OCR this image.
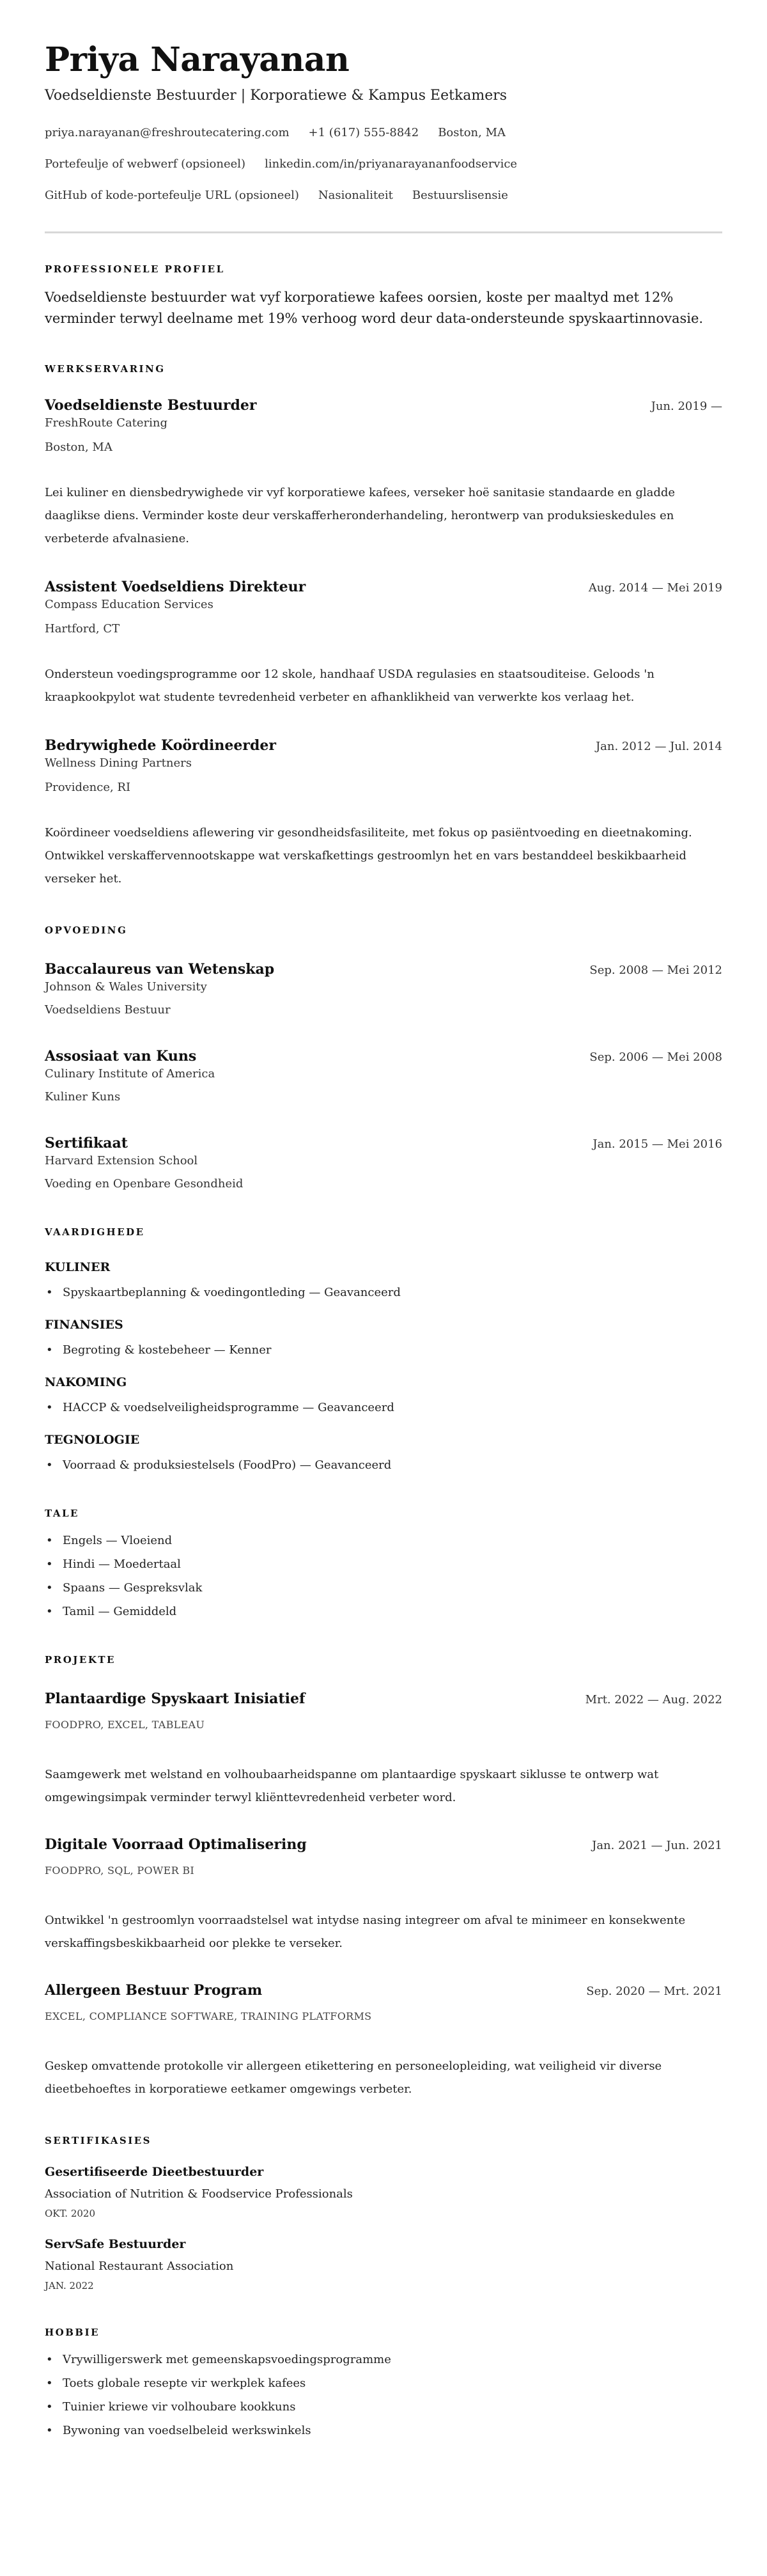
Priya Narayanan
Voedseldienste Bestuurder | Korporatiewe & Kampus Eetkamers
priya.narayanan@freshroutecatering.com +1 (617) 555-8842 Boston, MA
Portefeulje of webwerf (opsioneel) linkedin.com/in/priyanarayananfoodservice
GitHub of kode-portefeulje URL (opsioneel) Nasionaliteit Bestuurslisensie
PROFESSIONELE PROFIEL

Voedseldienste bestuurder wat vyf korporatiewe kafees oorsien, koste per maaltyd met 12% verminder terwyl deelname met 19% verhoog word deur data-ondersteunde spyskaartinnovasie.

WERKSERVARING
Voedseldienste Bestuurder	Jun. 2019 —
FreshRoute Catering
Boston, MA

Lei kuliner en diensbedrywighede vir vyf korporatiewe kafees, verseker hoë sanitasie standaarde en gladde daaglikse diens. Verminder koste deur verskafferheronderhandeling, herontwerp van produksieskedules en verbeterde afvalnasiene.

Assistent Voedseldiens Direkteur	Aug. 2014 — Mei 2019
Compass Education Services
Hartford, CT

Ondersteun voedingsprogramme oor 12 skole, handhaaf USDA regulasies en staatsouditeise. Geloods 'n kraapkookpylot wat studente tevredenheid verbeter en afhanklikheid van verwerkte kos verlaag het.

Bedrywighede Koördineerder	Jan. 2012 — Jul. 2014
Wellness Dining Partners
Providence, RI

Koördineer voedseldiens aflewering vir gesondheidsfasiliteite, met fokus op pasiëntvoeding en dieetnakoming. Ontwikkel verskaffervennootskappe wat verskafkettings gestroomlyn het en vars bestanddeel beskikbaarheid verseker het.

OPVOEDING
Baccalaureus van Wetenskap	Sep. 2008 — Mei 2012
Johnson & Wales University
Voedseldiens Bestuur
Assosiaat van Kuns	Sep. 2006 — Mei 2008
Culinary Institute of America
Kuliner Kuns
Sertifikaat	Jan. 2015 — Mei 2016
Harvard Extension School
Voeding en Openbare Gesondheid
VAARDIGHEDE
KULINER
• Spyskaartbeplanning & voedingontleding — Geavanceerd
FINANSIES
• Begroting & kostebeheer — Kenner
NAKOMING
• HACCP & voedselveiligheidsprogramme — Geavanceerd
TEGNOLOGIE
• Voorraad & produksiestelsels (FoodPro) — Geavanceerd
TALE
• Engels — Vloeiend
• Hindi — Moedertaal
• Spaans — Gespreksvlak
• Tamil — Gemiddeld
PROJEKTE
Plantaardige Spyskaart Inisiatief	Mrt. 2022 — Aug. 2022
FOODPRO, EXCEL, TABLEAU

Saamgewerk met welstand en volhoubaarheidspanne om plantaardige spyskaart siklusse te ontwerp wat omgewingsimpak verminder terwyl kliënttevredenheid verbeter word.

Digitale Voorraad Optimalisering	Jan. 2021 — Jun. 2021
FOODPRO, SQL, POWER BI

Ontwikkel 'n gestroomlyn voorraadstelsel wat intydse nasing integreer om afval te minimeer en konsekwente verskaffingsbeskikbaarheid oor plekke te verseker.

Allergeen Bestuur Program	Sep. 2020 — Mrt. 2021
EXCEL, COMPLIANCE SOFTWARE, TRAINING PLATFORMS

Geskep omvattende protokolle vir allergeen etikettering en personeelopleiding, wat veiligheid vir diverse dieetbehoeftes in korporatiewe eetkamer omgewings verbeter.

SERTIFIKASIES
Gesertifiseerde Dieetbestuurder
Association of Nutrition & Foodservice Professionals
OKT. 2020
ServSafe Bestuurder
National Restaurant Association
JAN. 2022
HOBBIE
• Vrywilligerswerk met gemeenskapsvoedingsprogramme
• Toets globale resepte vir werkplek kafees
• Tuinier kriewe vir volhoubare kookkuns
• Bywoning van voedselbeleid werkswinkels
